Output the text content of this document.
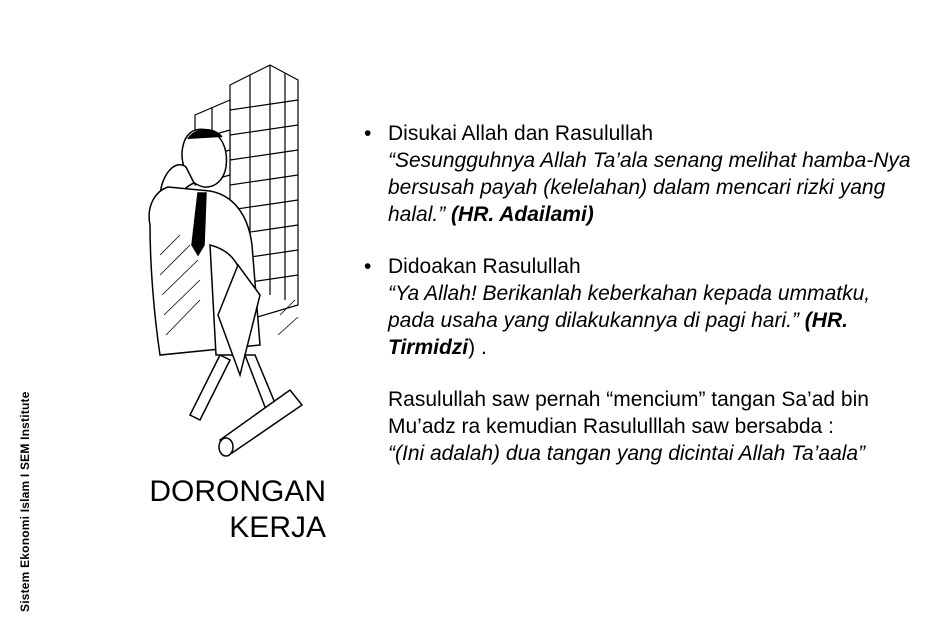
Sistem Ekonomi Islam I SEM Institute	DORONGAN
KERJA
• Disukai Allah dan Rasulullah
“Sesungguhnya Allah Ta’ala senang melihat hamba-Nya bersusah payah (kelelahan) dalam mencari rizki yang halal.” (HR. Adailami)
• Didoakan Rasulullah
“Ya Allah! Berikanlah keberkahan kepada ummatku, pada usaha yang dilakukannya di pagi hari.” (HR. Tirmidzi) .
Rasulullah saw pernah “mencium” tangan Sa’ad bin Mu’adz ra kemudian Rasululllah saw bersabda :
“(Ini adalah) dua tangan yang dicintai Allah Ta’aala”
